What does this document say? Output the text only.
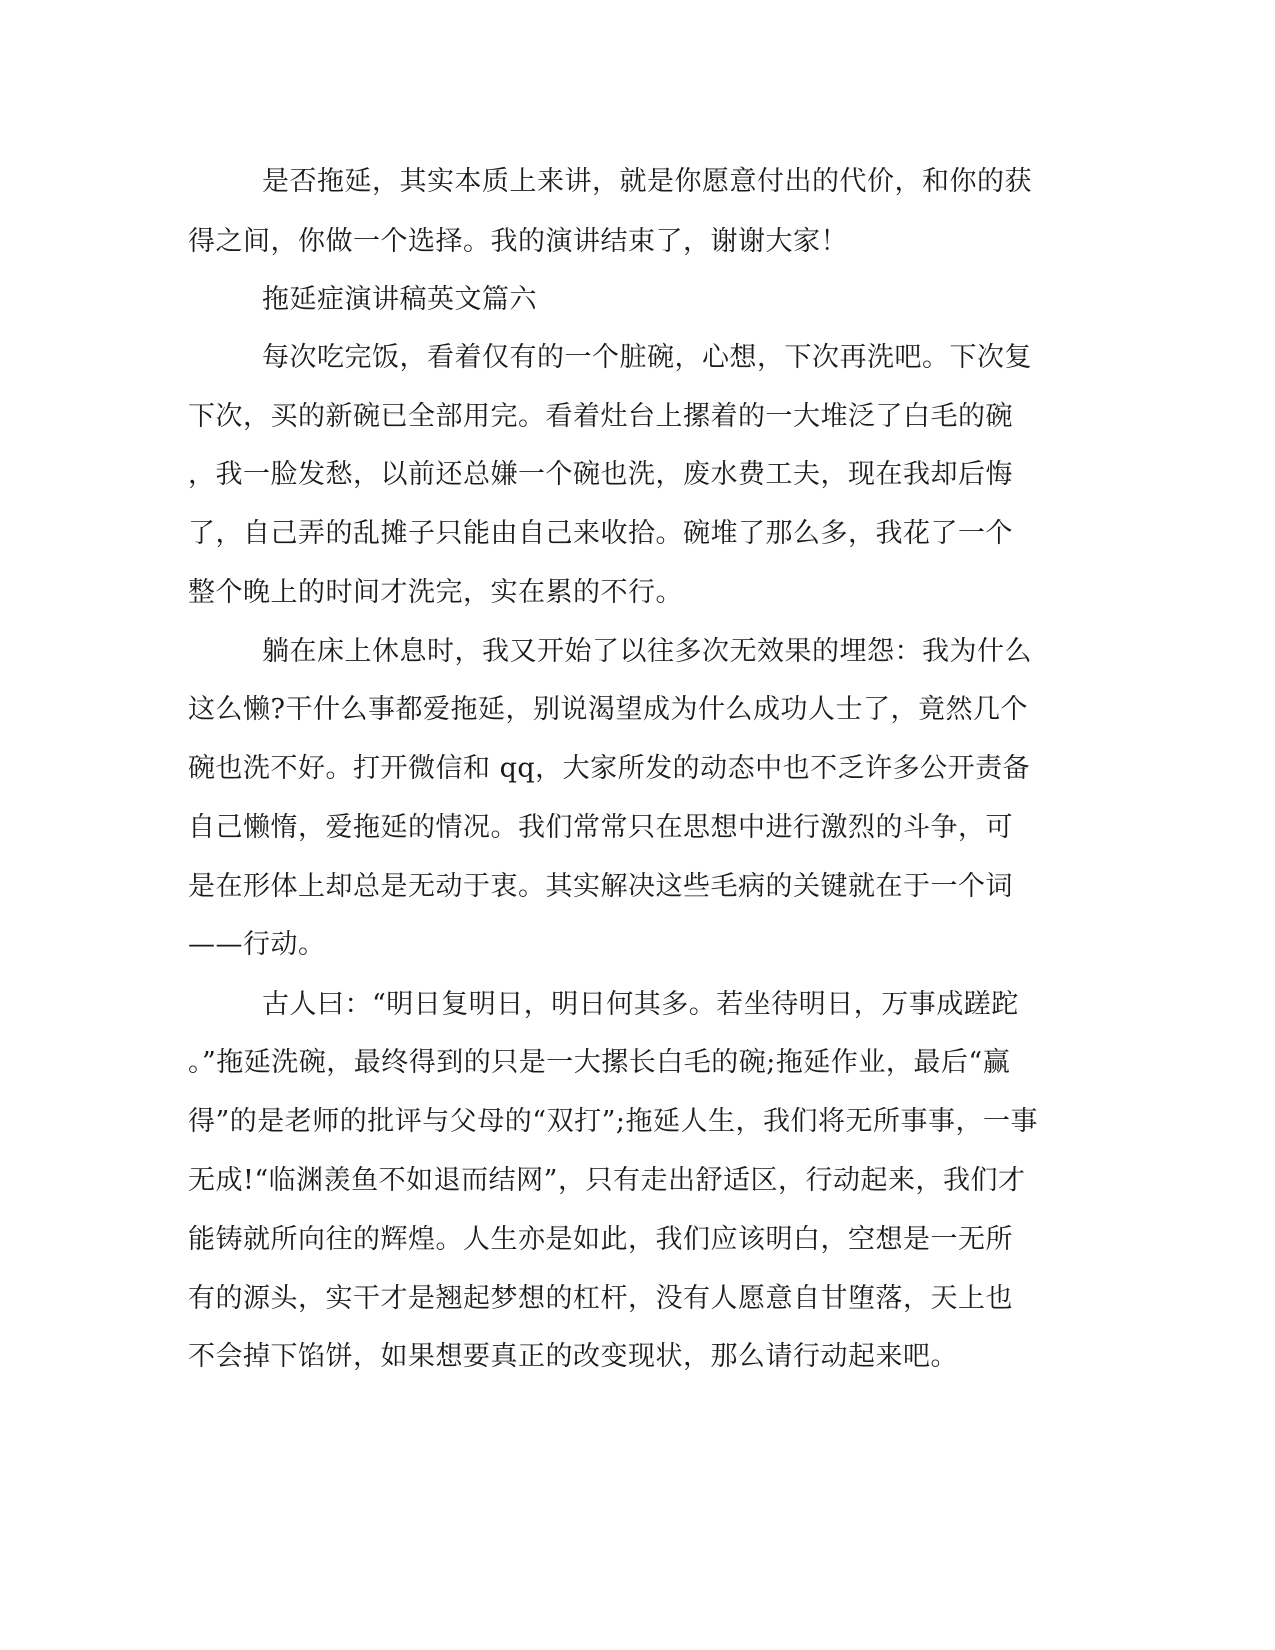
是否拖延，其实本质上来讲，就是你愿意付出的代价，和你的获

得之间，你做一个选择。我的演讲结束了，谢谢大家！

拖延症演讲稿英文篇六

每次吃完饭，看着仅有的一个脏碗，心想，下次再洗吧。下次复

下次，买的新碗已全部用完。看着灶台上摞着的一大堆泛了白毛的碗

，我一脸发愁，以前还总嫌一个碗也洗，废水费工夫，现在我却后悔

了，自己弄的乱摊子只能由自己来收拾。碗堆了那么多，我花了一个

整个晚上的时间才洗完，实在累的不行。

躺在床上休息时，我又开始了以往多次无效果的埋怨：我为什么

这么懒?干什么事都爱拖延，别说渴望成为什么成功人士了，竟然几个

碗也洗不好。打开微信和 qq，大家所发的动态中也不乏许多公开责备

自己懒惰，爱拖延的情况。我们常常只在思想中进行激烈的斗争，可

是在形体上却总是无动于衷。其实解决这些毛病的关键就在于一个词

——行动。

古人曰：“明日复明日，明日何其多。若坐待明日，万事成蹉跎

。”拖延洗碗，最终得到的只是一大摞长白毛的碗;拖延作业，最后“赢

得”的是老师的批评与父母的“双打”;拖延人生，我们将无所事事，一事

无成!“临渊羡鱼不如退而结网”，只有走出舒适区，行动起来，我们才

能铸就所向往的辉煌。人生亦是如此，我们应该明白，空想是一无所

有的源头，实干才是翘起梦想的杠杆，没有人愿意自甘堕落，天上也

不会掉下馅饼，如果想要真正的改变现状，那么请行动起来吧。
